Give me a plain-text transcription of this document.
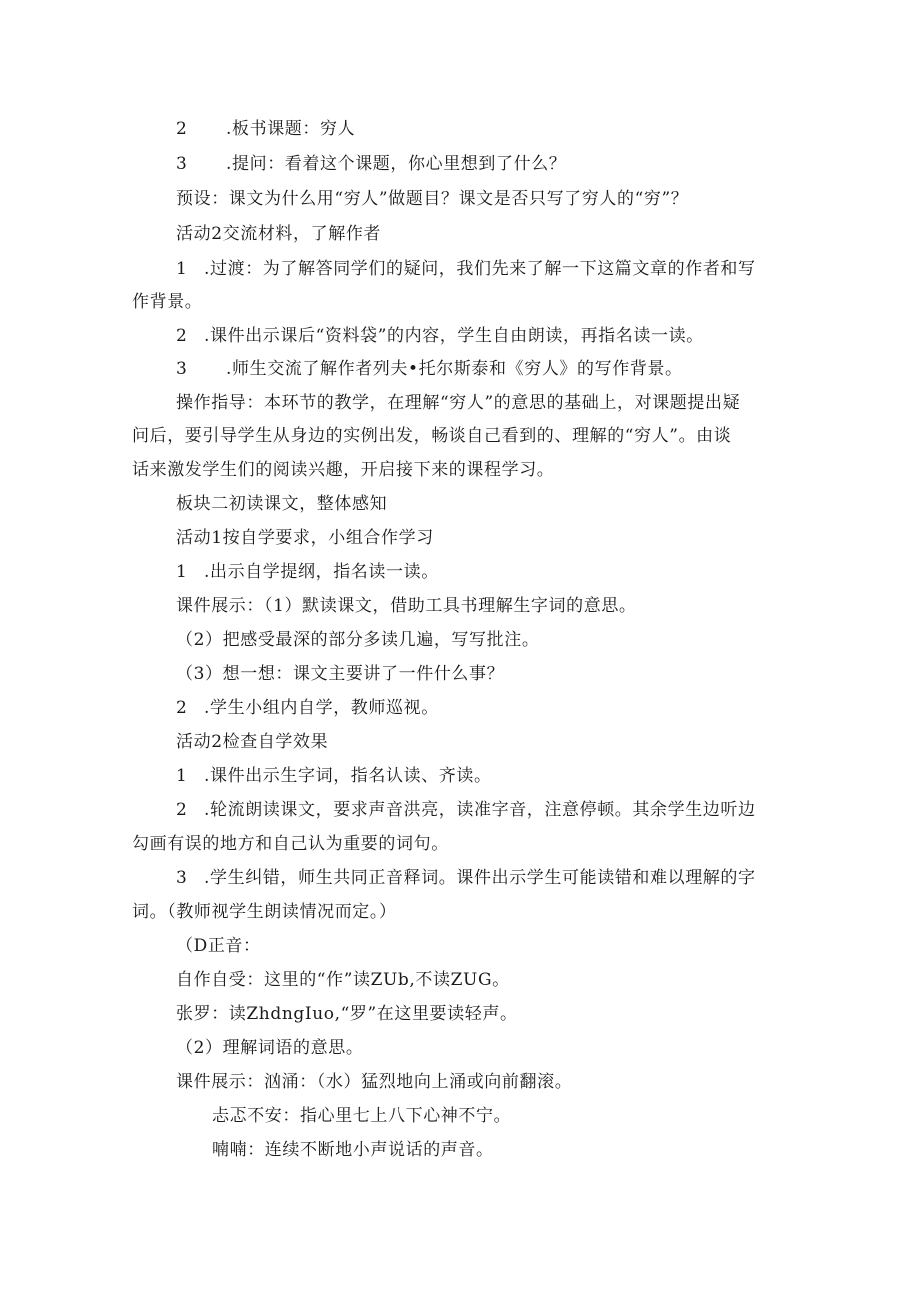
2 .板书课题：穷人
3 .提问：看着这个课题，你心里想到了什么？
预设：课文为什么用“穷人”做题目？课文是否只写了穷人的“穷”？
活动2交流材料，了解作者
1 .过渡：为了解答同学们的疑问，我们先来了解一下这篇文章的作者和写
作背景。
2 .课件出示课后“资料袋”的内容，学生自由朗读，再指名读一读。
3 .师生交流了解作者列夫•托尔斯泰和《穷人》的写作背景。
操作指导：本环节的教学，在理解“穷人”的意思的基础上，对课题提出疑
问后，要引导学生从身边的实例出发，畅谈自己看到的、理解的“穷人”。由谈
话来激发学生们的阅读兴趣，开启接下来的课程学习。
板块二初读课文，整体感知
活动1按自学要求，小组合作学习
1 .出示自学提纲，指名读一读。
课件展示：（1）默读课文，借助工具书理解生字词的意思。
（2）把感受最深的部分多读几遍，写写批注。
（3）想一想：课文主要讲了一件什么事？
2 .学生小组内自学，教师巡视。
活动2检查自学效果
1 .课件出示生字词，指名认读、齐读。
2 .轮流朗读课文，要求声音洪亮，读准字音，注意停顿。其余学生边听边
勾画有误的地方和自己认为重要的词句。
3 .学生纠错，师生共同正音释词。课件出示学生可能读错和难以理解的字
词。（教师视学生朗读情况而定。）
（D正音：
自作自受：这里的“作”读ZUb,不读ZUG。
张罗：读ZhdngIuo,“罗”在这里要读轻声。
（2）理解词语的意思。
课件展示：汹涌：（水）猛烈地向上涌或向前翻滚。
忐忑不安：指心里七上八下心神不宁。
喃喃：连续不断地小声说话的声音。
